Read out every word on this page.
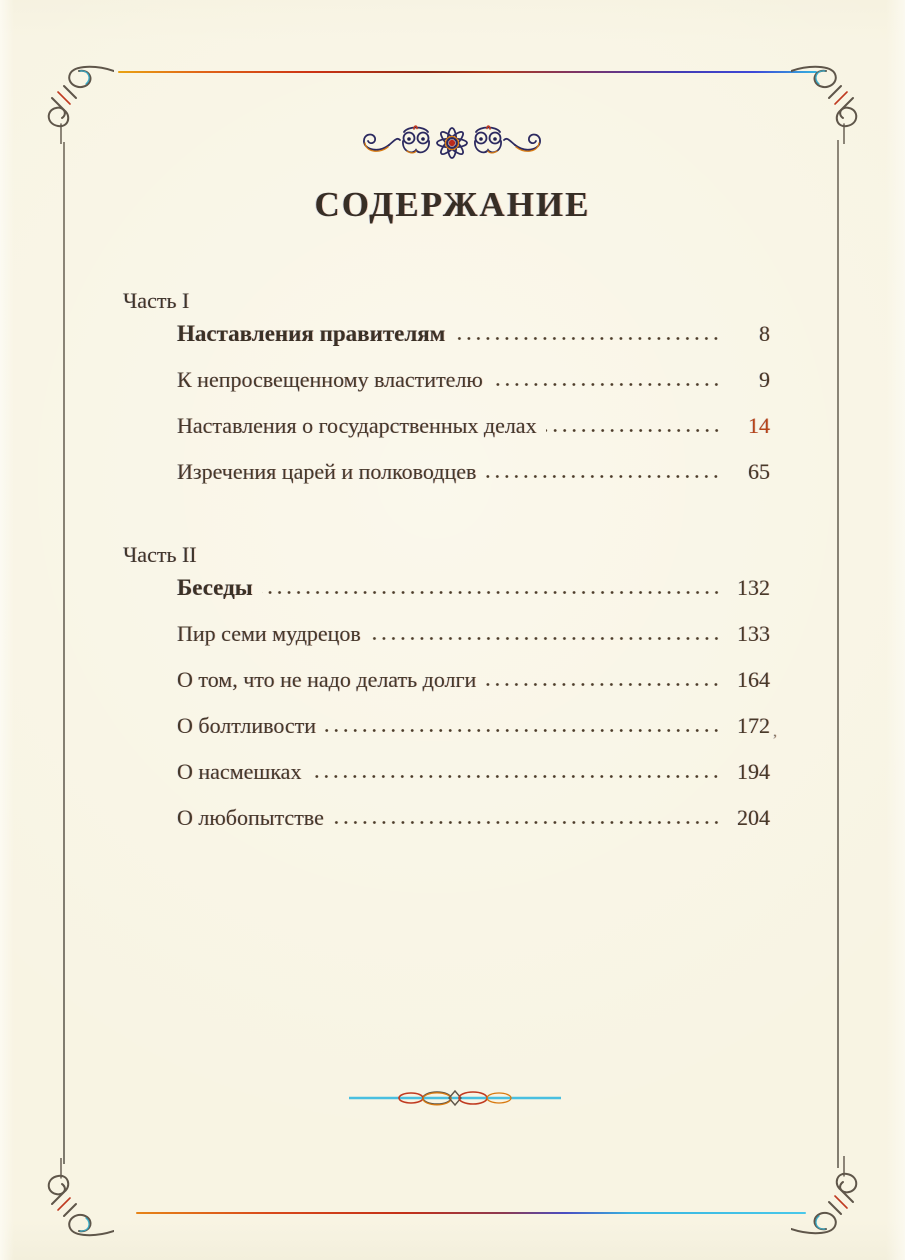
СОДЕРЖАНИЕ
Часть I
Наставления правителям	8
К непросвещенному властителю	9
Наставления о государственных делах	14
Изречения царей и полководцев	65
Часть II
Беседы	132
Пир семи мудрецов	133
О том, что не надо делать долги	164
О болтливости	172 ,
О насмешках	194
О любопытстве	204
